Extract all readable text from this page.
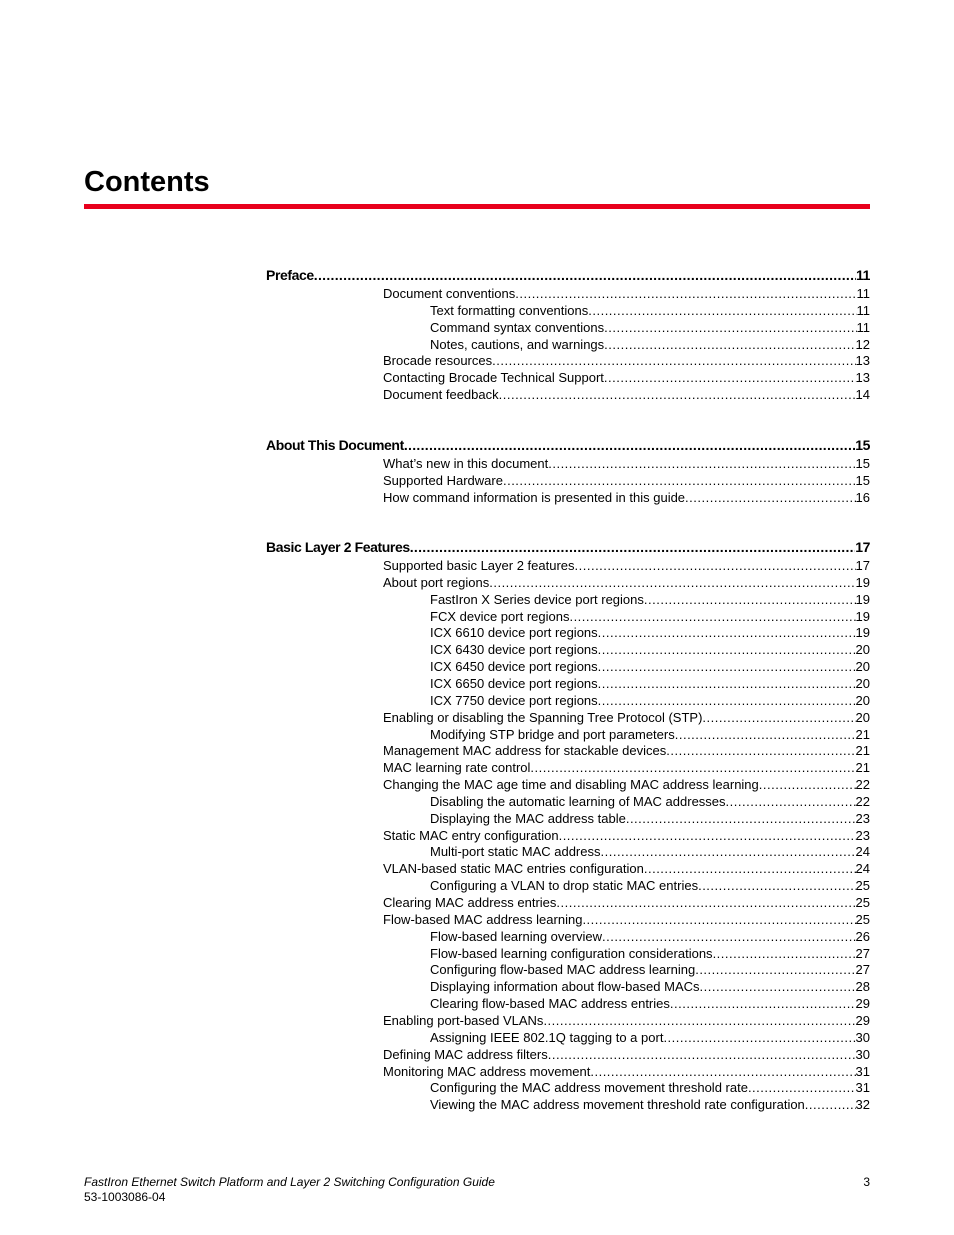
Contents
Preface .....	11
Document conventions .....	11
Text formatting conventions .....	11
Command syntax conventions .....	11
Notes, cautions, and warnings .....	12
Brocade resources .....	13
Contacting Brocade Technical Support .....	13
Document feedback .....	14
About This Document .....	15
What’s new in this document .....	15
Supported Hardware .....	15
How command information is presented in this guide .....	16
Basic Layer 2 Features .....	17
Supported basic Layer 2 features .....	17
About port regions .....	19
FastIron X Series device port regions .....	19
FCX device port regions .....	19
ICX 6610 device port regions .....	19
ICX 6430 device port regions .....	20
ICX 6450 device port regions .....	20
ICX 6650 device port regions .....	20
ICX 7750 device port regions .....	20
Enabling or disabling the Spanning Tree Protocol (STP) .....	20
Modifying STP bridge and port parameters .....	21
Management MAC address for stackable devices .....	21
MAC learning rate control .....	21
Changing the MAC age time and disabling MAC address learning .....	22
Disabling the automatic learning of MAC addresses .....	22
Displaying the MAC address table .....	23
Static MAC entry configuration .....	23
Multi-port static MAC address .....	24
VLAN-based static MAC entries configuration .....	24
Configuring a VLAN to drop static MAC entries .....	25
Clearing MAC address entries .....	25
Flow-based MAC address learning .....	25
Flow-based learning overview .....	26
Flow-based learning configuration considerations .....	27
Configuring flow-based MAC address learning .....	27
Displaying information about flow-based MACs .....	28
Clearing flow-based MAC address entries .....	29
Enabling port-based VLANs .....	29
Assigning IEEE 802.1Q tagging to a port .....	30
Defining MAC address filters .....	30
Monitoring MAC address movement .....	31
Configuring the MAC address movement threshold rate .....	31
Viewing the MAC address movement threshold rate configuration .....	32
FastIron Ethernet Switch Platform and Layer 2 Switching Configuration Guide
53-1003086-04
3
